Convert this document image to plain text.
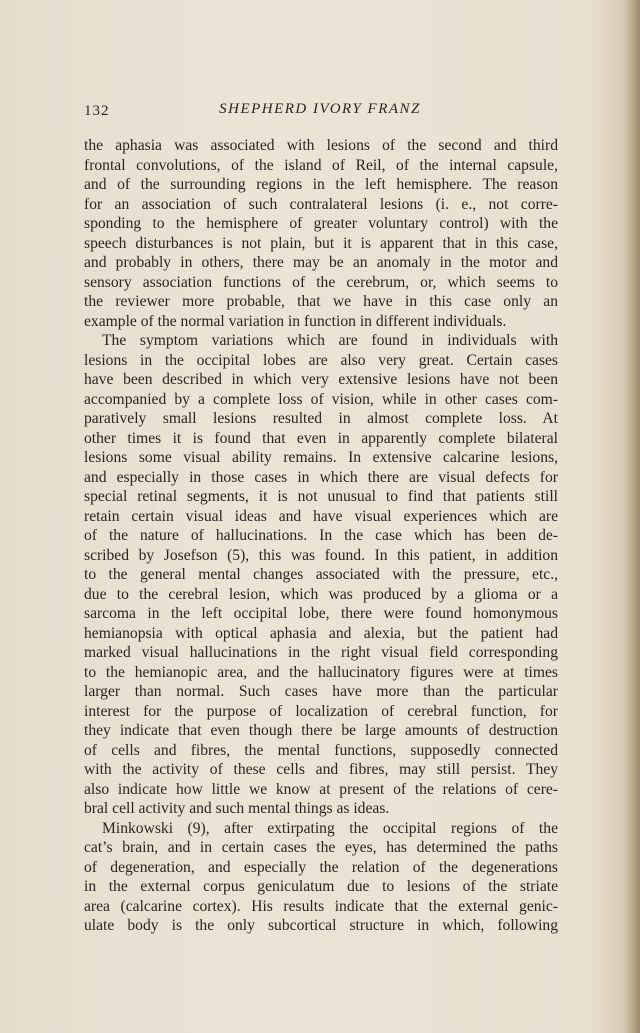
132	SHEPHERD IVORY FRANZ
the aphasia was associated with lesions of the second and third
frontal convolutions, of the island of Reil, of the internal capsule,
and of the surrounding regions in the left hemisphere. The reason
for an association of such contralateral lesions (i. e., not corre-
sponding to the hemisphere of greater voluntary control) with the
speech disturbances is not plain, but it is apparent that in this case,
and probably in others, there may be an anomaly in the motor and
sensory association functions of the cerebrum, or, which seems to
the reviewer more probable, that we have in this case only an
example of the normal variation in function in different individuals.
The symptom variations which are found in individuals with
lesions in the occipital lobes are also very great. Certain cases
have been described in which very extensive lesions have not been
accompanied by a complete loss of vision, while in other cases com-
paratively small lesions resulted in almost complete loss. At
other times it is found that even in apparently complete bilateral
lesions some visual ability remains. In extensive calcarine lesions,
and especially in those cases in which there are visual defects for
special retinal segments, it is not unusual to find that patients still
retain certain visual ideas and have visual experiences which are
of the nature of hallucinations. In the case which has been de-
scribed by Josefson (5), this was found. In this patient, in addition
to the general mental changes associated with the pressure, etc.,
due to the cerebral lesion, which was produced by a glioma or a
sarcoma in the left occipital lobe, there were found homonymous
hemianopsia with optical aphasia and alexia, but the patient had
marked visual hallucinations in the right visual field corresponding
to the hemianopic area, and the hallucinatory figures were at times
larger than normal. Such cases have more than the particular
interest for the purpose of localization of cerebral function, for
they indicate that even though there be large amounts of destruction
of cells and fibres, the mental functions, supposedly connected
with the activity of these cells and fibres, may still persist. They
also indicate how little we know at present of the relations of cere-
bral cell activity and such mental things as ideas.
Minkowski (9), after extirpating the occipital regions of the
cat’s brain, and in certain cases the eyes, has determined the paths
of degeneration, and especially the relation of the degenerations
in the external corpus geniculatum due to lesions of the striate
area (calcarine cortex). His results indicate that the external genic-
ulate body is the only subcortical structure in which, following
